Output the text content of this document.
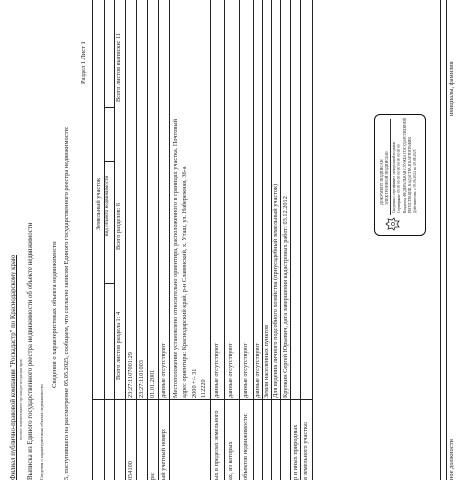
Филиал публично-правовой компании "Роскадастр" по Краснодарскому краю полное наименование органа регистрации прав Выписка из Единого государственного реестра недвижимости об объекте недвижимости Сведения о характеристиках объекта недвижимости
Сведения о характеристиках объекта недвижимости 5, поступившего на рассмотрение 05.05.2025, сообщаем, что согласно записям Единого государственного реестра недвижимости:
Раздел 1 Лист 1
Земельный участок вид объекта недвижимости
Всего листов раздела 1: 4
Всего разделов: 6
Всего листов выписки: 11
054100
23:27:1107001:29 23:27:1101003
ра:
01.01.2001
ый учетный номер:
данные отсутствуют Местоположение установлено относительно ориентира, расположенного в границах участка. Почтовый адрес ориентира: Краснодарский край, р-н Славянский, х. Уташ, ул. Набережная, 36-а 2000 +/- 31 112220
ых в пределах земельного
данные отсутствуют
ах, из которых
данные отсутствуют
объектов недвижимости:
данные отсутствуют данные отсутствуют Земли населенных пунктов Для ведения личного подсобного хозяйства (приусадебный земельный участок) Крупкин Сергей Юрьевич, дата завершения кадастровых работ: 03.12.2012
р и иных природных я земельного участка:
ДОКУМЕНТ ПОДПИСАН ЭЛЕКТРОННОЙ ПОДПИСЬЮ Сведения о сертификате электронной подписи Сертификат: 00 00 00 00 00 00 00 00 00 00 00 Владелец: ФЕДЕРАЛЬНАЯ СЛУЖБА ГОСУДАРСТВЕННОЙ РЕГИСТРАЦИИ, КАДАСТРА И КАРТОГРАФИИ Действителен: с 05.06.2024 по 29.08.2025
ное должности
инициалы, фамилия
